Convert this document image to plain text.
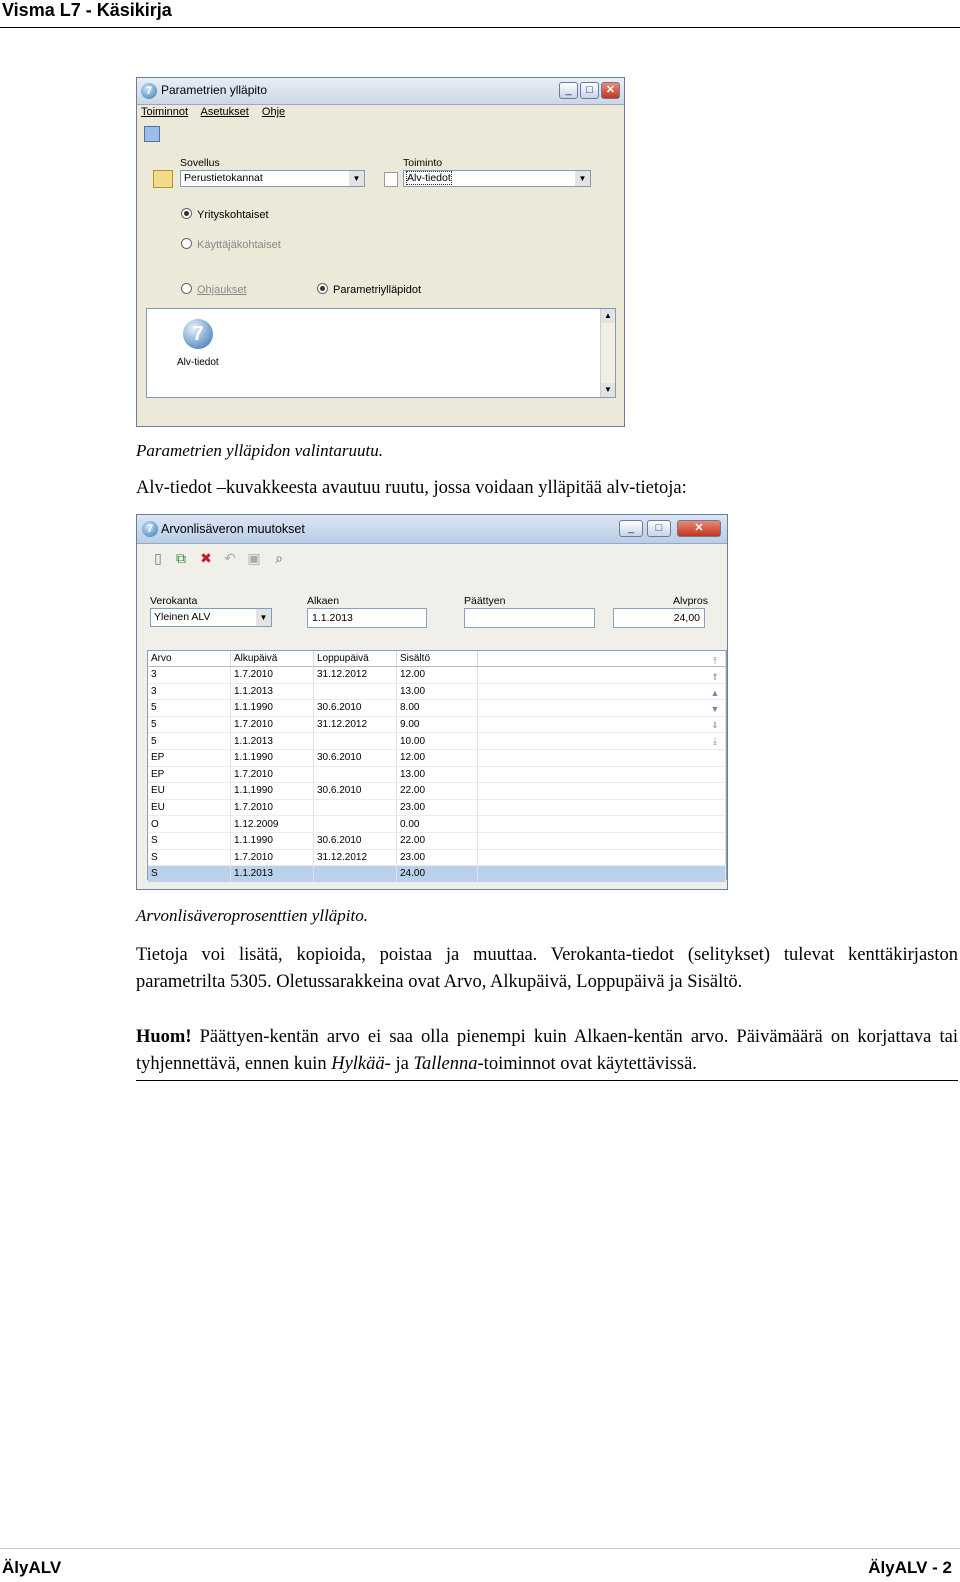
Visma L7 - Käsikirja
7 Parametrien ylläpito	_	□	✕
Toiminnot Asetukset Ohje
Sovellus
Perustietokannat	▼
Toiminto
Alv-tiedot	▼
Yrityskohtaiset
Käyttäjäkohtaiset
Ohjaukset	Parametriylläpidot
7
Alv-tiedot
▲
▼
Parametrien ylläpidon valintaruutu.
Alv-tiedot –kuvakkeesta avautuu ruutu, jossa voidaan ylläpitää alv-tietoja:
7 Arvonlisäveron muutokset	_	□	✕
▯	⧉ ✖ ↶ ▣	⌕
Verokanta
Yleinen ALV	▼
Alkaen
1.1.2013
Päättyen	Alvpros
24,00
Arvo	Alkupäivä	Loppupäivä	Sisältö	
3	1.7.2010	31.12.2012	12.00	
3	1.1.2013		13.00	
5	1.1.1990	30.6.2010	8.00	
5	1.7.2010	31.12.2012	9.00	
5	1.1.2013		10.00	
EP	1.1.1990	30.6.2010	12.00	
EP	1.7.2010		13.00	
EU	1.1.1990	30.6.2010	22.00	
EU	1.7.2010		23.00	
O	1.12.2009		0.00	
S	1.1.1990	30.6.2010	22.00	
S	1.7.2010	31.12.2012	23.00	
S	1.1.2013		24.00	
⤒
⇑
▲
▼
⇓
⤓
Arvonlisäveroprosenttien ylläpito.
Tietoja voi lisätä, kopioida, poistaa ja muuttaa. Verokanta-tiedot (selitykset) tulevat kenttäkirjaston parametrilta 5305. Oletussarakkeina ovat Arvo, Alkupäivä, Loppupäivä ja Sisältö.
Huom! Päättyen-kentän arvo ei saa olla pienempi kuin Alkaen-kentän arvo. Päivämäärä on korjattava tai tyhjennettävä, ennen kuin Hylkää- ja Tallenna-toiminnot ovat käytettävissä.
ÄlyALV	ÄlyALV - 2
